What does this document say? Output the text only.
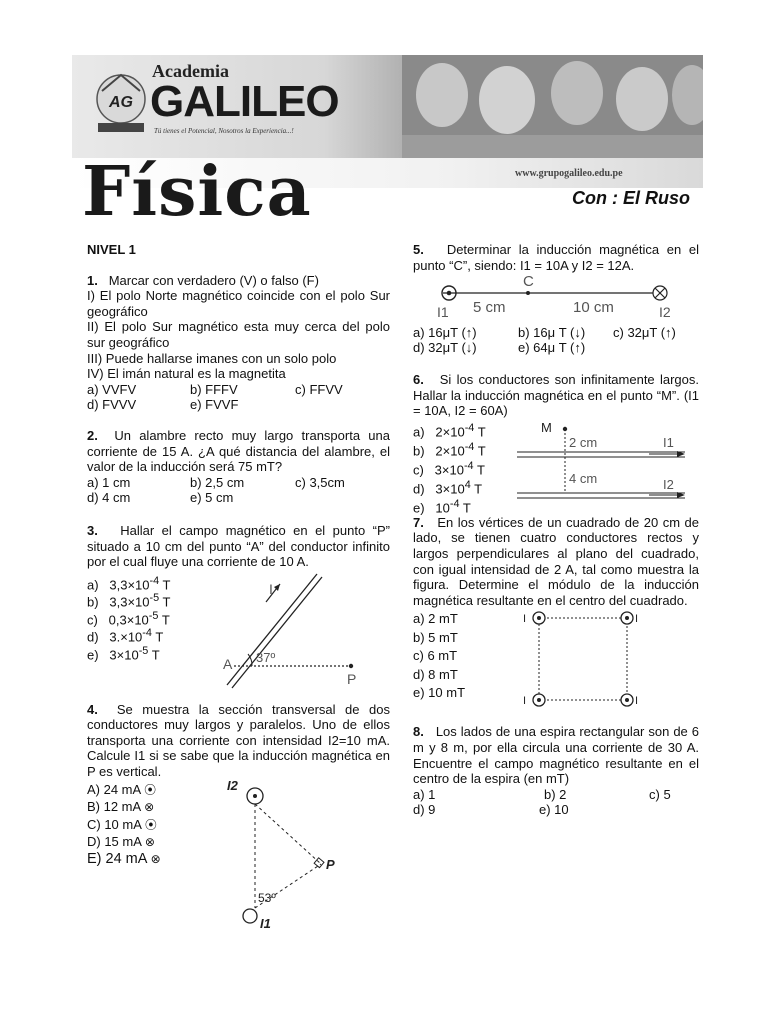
AG
Academia
GALILEO
Tú tienes el Potencial, Nosotros la Experiencia...!
Física	www.grupogalileo.edu.pe
Con : El Ruso

NIVEL 1

1. Marcar con verdadero (V) o falso (F)

I) El polo Norte magnético coincide con el polo Sur geográfico

II) El polo Sur magnético esta muy cerca del polo sur geográfico

III) Puede hallarse imanes con un solo polo

IV) El imán natural es la magnetita

a) VVFV	b) FFFV	c) FFVV
d) FVVV	e) FVVF

2. Un alambre recto muy largo transporta una corriente de 15 A. ¿A qué distancia del alambre, el valor de la inducción será 75 mT?

a) 1 cm	b) 2,5 cm	c) 3,5cm
d) 4 cm	e) 5 cm

3. Hallar el campo magnético en el punto “P” situado a 10 cm del punto “A” del conductor infinito por el cual fluye una corriente de 10 A.

a)   $3,3\times 10^{-4}$ T

b)   $3,3\times 10^{-5}$ T

c)   $0,3\times 10^{-5}$ T

d)   $3.\times 10^{-4}$ T

e)   $3\times 10^{-5}$ T

I
A 37º
P

4. Se muestra la sección transversal de dos conductores muy largos y paralelos. Uno de ellos transporta una corriente con intensidad I2=10 mA. Calcule I1 si se sabe que la inducción magnética en P es vertical.

A) 24 mA ⦿

B) 12 mA ⊗

C) 10 mA ⦿

D) 15 mA ⊗

E) 24 mA ⊗

I2
P
53º
I1

5. Determinar la inducción magnética en el punto “C”, siendo: I1 = 10A y I2 = 12A.

C
5 cm	10 cm
I1	I2
a) 16μT (↑)	b) 16μ T (↓)	c) 32μT (↑)
d) 32μT (↓)	e) 64μ T (↑)

6. Si los conductores son infinitamente largos. Hallar la inducción magnética en el punto “M”. (I1 = 10A, I2 = 60A)

a)   $2\times 10^{-4}$ T

b)   $2\times 10^{-4}$ T

c)   $3\times 10^{-4}$ T

d)   $3\times 10^4$ T

e)   $10^{-4}$ T

M
2 cm	I1
4 cm	I2

7. En los vértices de un cuadrado de 20 cm de lado, se tienen cuatro conductores rectos y largos perpendiculares al plano del cuadrado, con igual intensidad de 2 A, tal como muestra la figura. Determine el módulo de la inducción magnética resultante en el centro del cuadrado.

a) 2 mT

b) 5 mT

c) 6 mT

d) 8 mT

e) 10 mT

I	I
I	I

8. Los lados de una espira rectangular son de 6 m y 8 m, por ella circula una corriente de 30 A. Encuentre el campo magnético resultante en el centro de la espira (en mT)

a) 1	b) 2	c) 5
d) 9	e) 10
